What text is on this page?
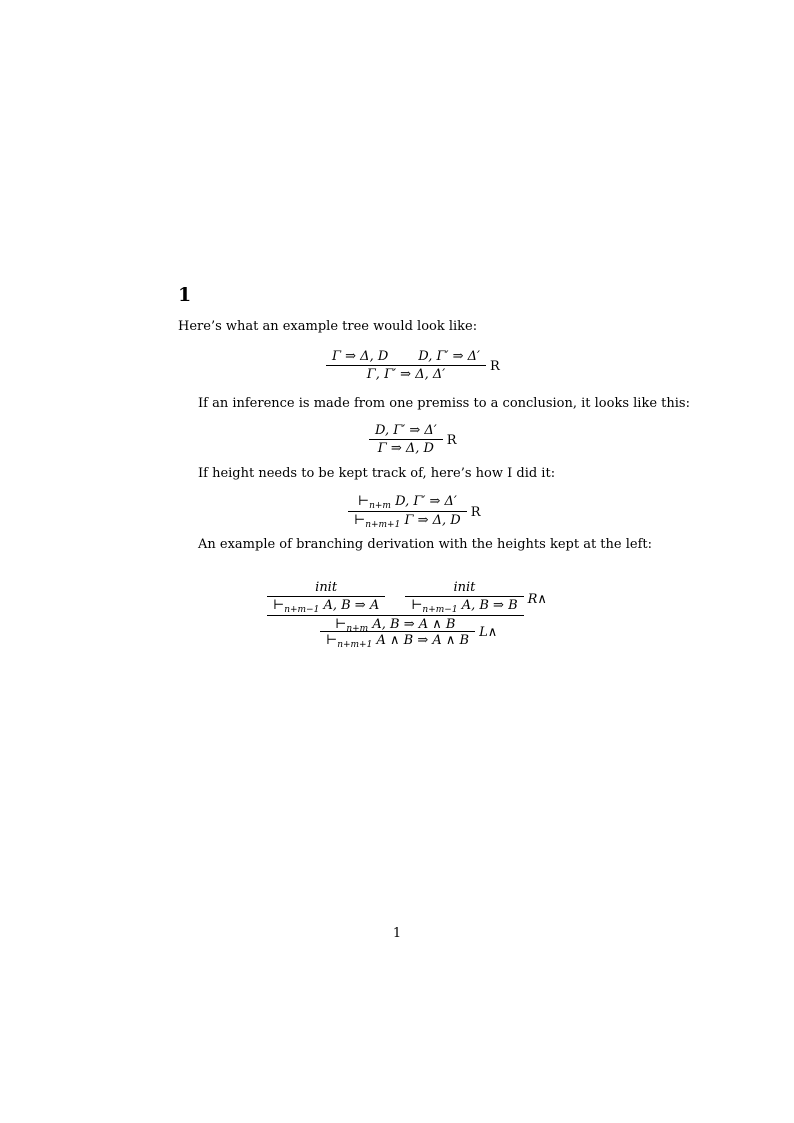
1
Here’s what an example tree would look like:
Γ ⇒ Δ, D D, Γ′ ⇒ Δ′
Γ, Γ′ ⇒ Δ, Δ′
R
If an inference is made from one premiss to a conclusion, it looks like this:
D, Γ′ ⇒ Δ′
Γ ⇒ Δ, D
R
If height needs to be kept track of, here’s how I did it:
$⊢_{n+m}$ D, Γ′ ⇒ Δ′
$⊢_{n+m+1}$ Γ ⇒ Δ, D
R
An example of branching derivation with the heights kept at the left:
init
$⊢_{n+m-1}$ A, B ⇒ A
init
$⊢_{n+m-1}$ A, B ⇒ B
$⊢_{n+m}$ A, B ⇒ A ∧ B
R∧
$⊢_{n+m+1}$ A ∧ B ⇒ A ∧ B
L∧
1
